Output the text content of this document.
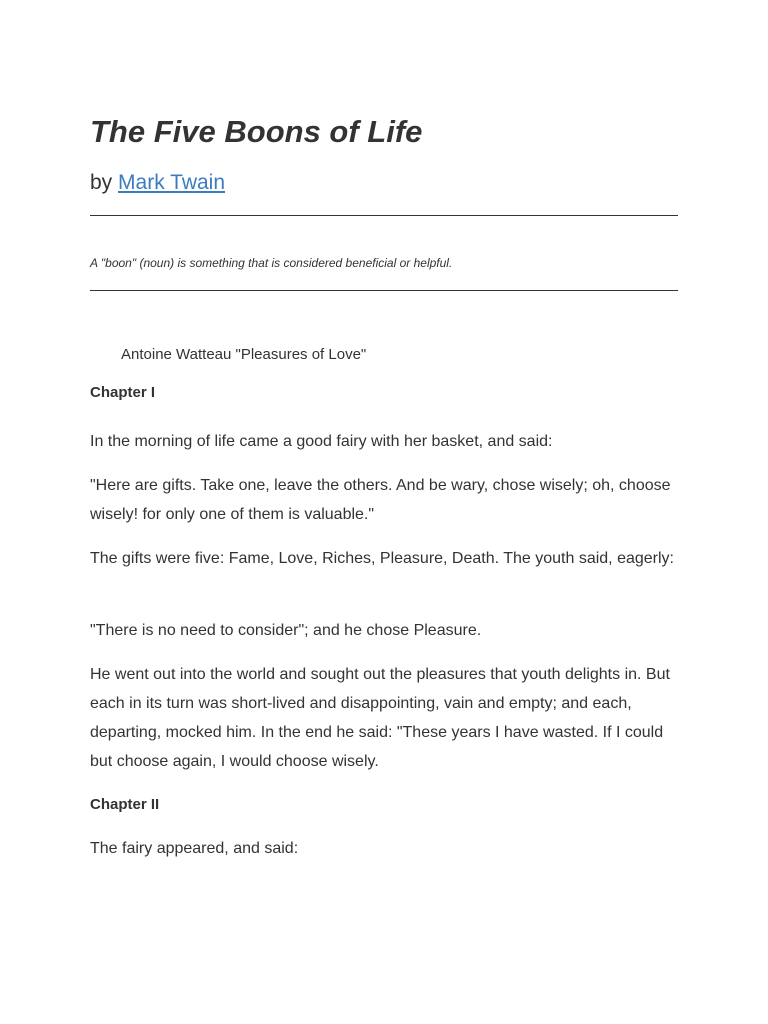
The Five Boons of Life
by Mark Twain
A "boon" (noun) is something that is considered beneficial or helpful.
Antoine Watteau "Pleasures of Love"
Chapter I

In the morning of life came a good fairy with her basket, and said:

"Here are gifts. Take one, leave the others. And be wary, chose wisely; oh, choose wisely! for only one of them is valuable."

The gifts were five: Fame, Love, Riches, Pleasure, Death. The youth said, eagerly:

"There is no need to consider"; and he chose Pleasure.

He went out into the world and sought out the pleasures that youth delights in. But each in its turn was short-lived and disappointing, vain and empty; and each, departing, mocked him. In the end he said: "These years I have wasted. If I could but choose again, I would choose wisely.

Chapter II

The fairy appeared, and said:
